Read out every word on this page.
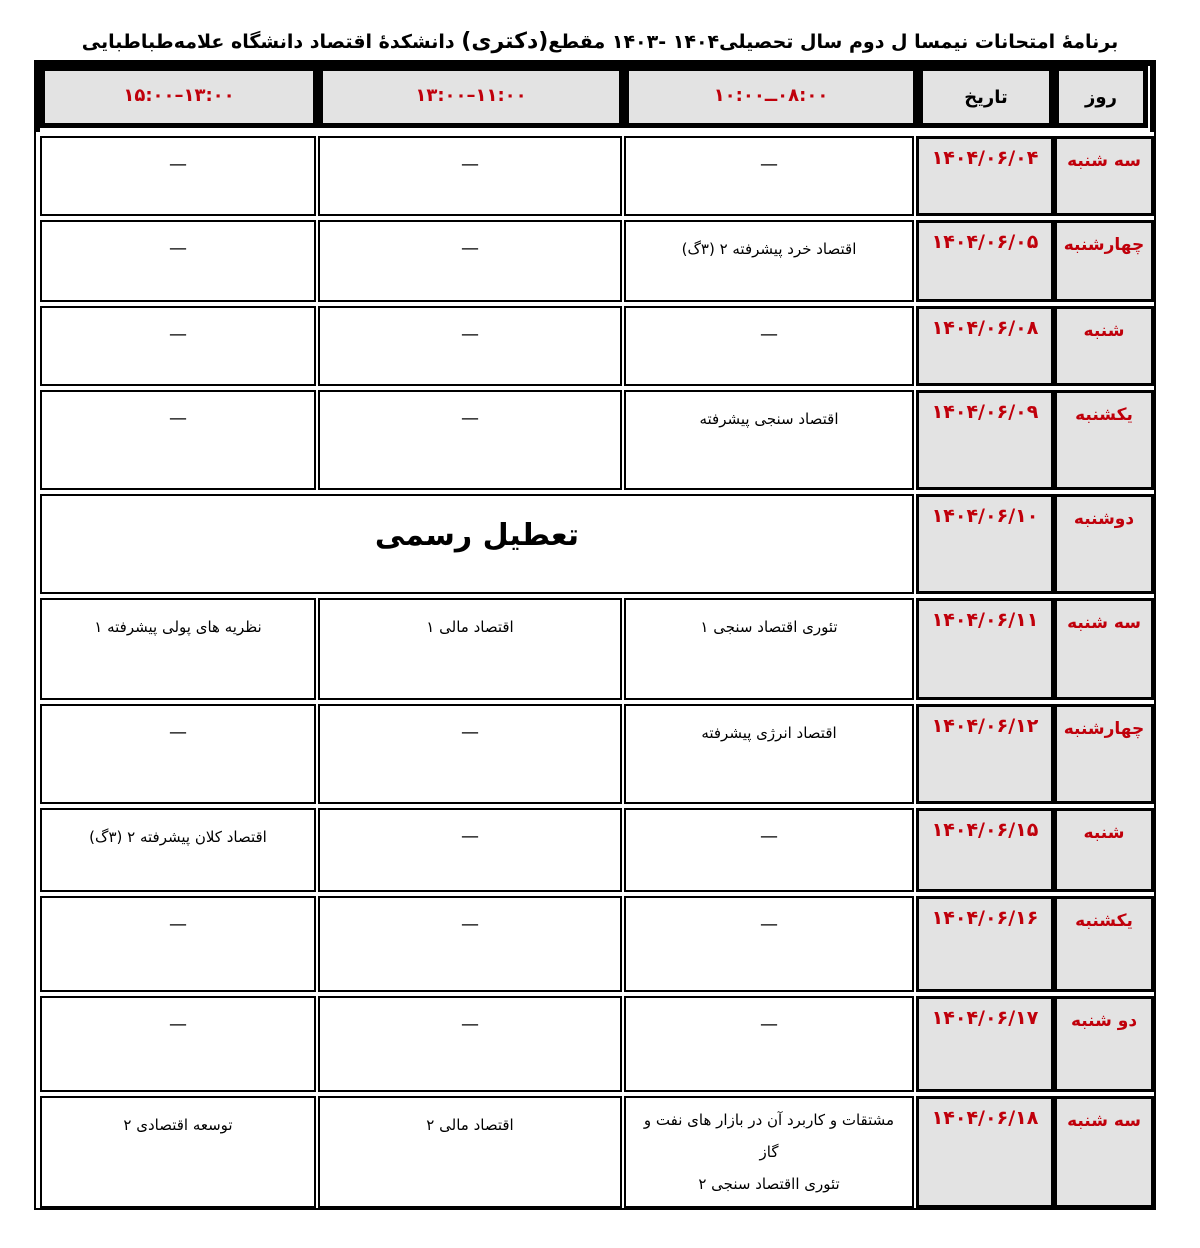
برنامۀ امتحانات نیمسا ل دوم سال تحصیلی۱۴۰۴ -۱۴۰۳ مقطع(دکتری) دانشکدۀ اقتصاد دانشگاه علامه‌طباطبایی
روز
تاریخ
۰۸:۰۰ــ۱۰:۰۰
۱۱:۰۰–۱۳:۰۰
۱۳:۰۰–۱۵:۰۰
سه شنبه
۱۴۰۴/۰۶/۰۴
—
—
—
چهارشنبه
۱۴۰۴/۰۶/۰۵
اقتصاد خرد پیشرفته ۲ (۳گ)
—
—
شنبه
۱۴۰۴/۰۶/۰۸
—
—
—
یکشنبه
۱۴۰۴/۰۶/۰۹
اقتصاد سنجی پیشرفته
—
—
دوشنبه
۱۴۰۴/۰۶/۱۰
تعطیل رسمی
سه شنبه
۱۴۰۴/۰۶/۱۱
تئوری اقتصاد سنجی ۱
اقتصاد مالی ۱
نظریه های پولی پیشرفته ۱
چهارشنبه
۱۴۰۴/۰۶/۱۲
اقتصاد انرژی پیشرفته
—
—
شنبه
۱۴۰۴/۰۶/۱۵
—
—
اقتصاد کلان پیشرفته ۲ (۳گ)
یکشنبه
۱۴۰۴/۰۶/۱۶
—
—
—
دو شنبه
۱۴۰۴/۰۶/۱۷
—
—
—
سه شنبه
۱۴۰۴/۰۶/۱۸
مشتقات و کاربرد آن در بازار های نفت و
گاز
تئوری ااقتصاد سنجی ۲
اقتصاد مالی ۲
توسعه اقتصادی ۲
